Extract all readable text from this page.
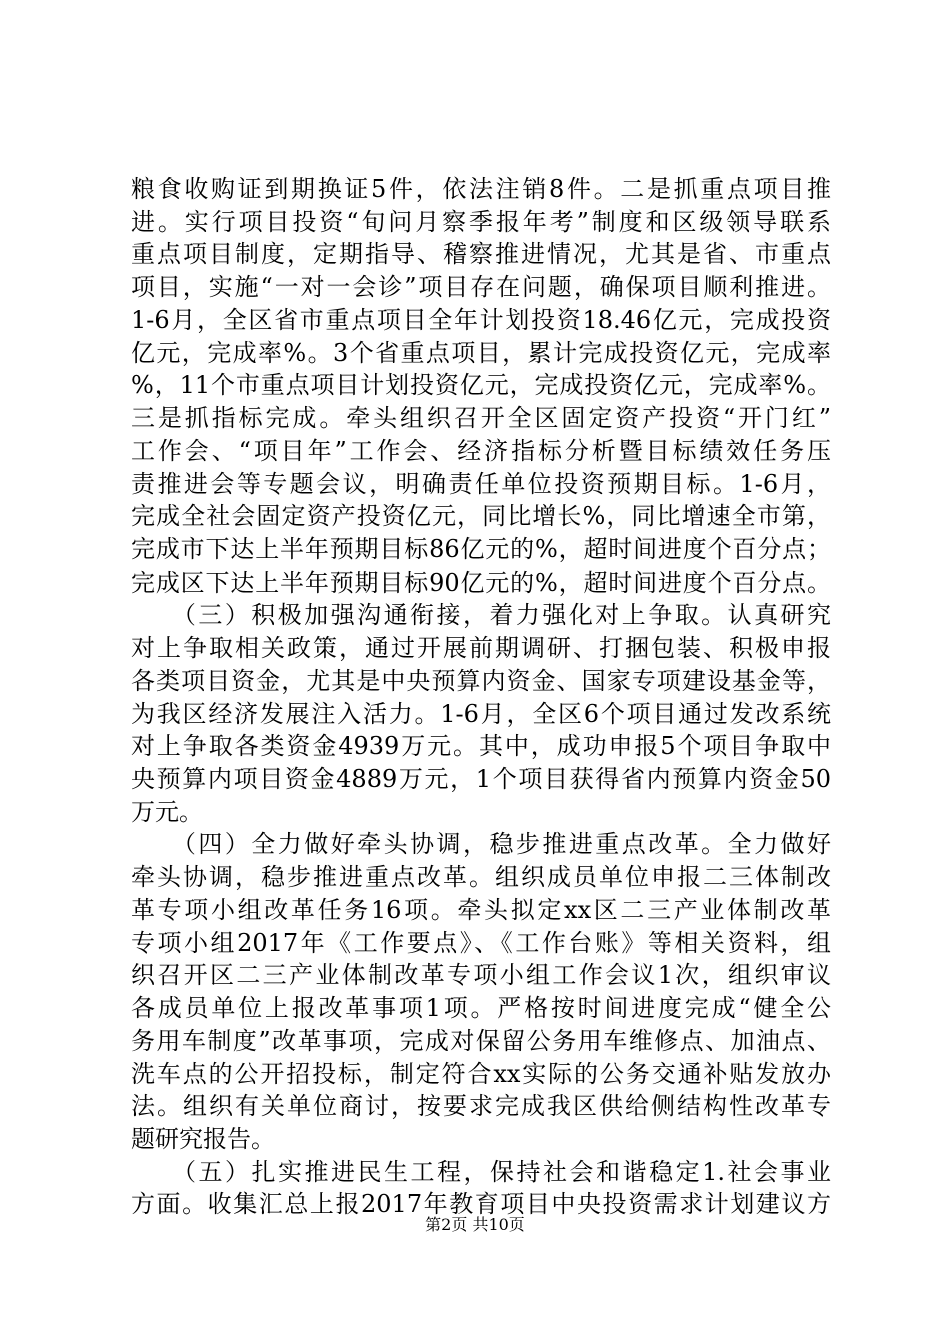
粮食收购证到期换证5件，依法注销8件。二是抓重点项目推
进。实行项目投资“旬问月察季报年考”制度和区级领导联系
重点项目制度，定期指导、稽察推进情况，尤其是省、市重点
项目，实施“一对一会诊”项目存在问题，确保项目顺利推进。
1-6月，全区省市重点项目全年计划投资18.46亿元，完成投资
亿元，完成率%。3个省重点项目，累计完成投资亿元，完成率
%，11个市重点项目计划投资亿元，完成投资亿元，完成率%。
三是抓指标完成。牵头组织召开全区固定资产投资“开门红”
工作会、“项目年”工作会、经济指标分析暨目标绩效任务压
责推进会等专题会议，明确责任单位投资预期目标。1-6月，
完成全社会固定资产投资亿元，同比增长%，同比增速全市第，
完成市下达上半年预期目标86亿元的%，超时间进度个百分点；
完成区下达上半年预期目标90亿元的%，超时间进度个百分点。
　　（三）积极加强沟通衔接，着力强化对上争取。认真研究
对上争取相关政策，通过开展前期调研、打捆包装、积极申报
各类项目资金，尤其是中央预算内资金、国家专项建设基金等，
为我区经济发展注入活力。1-6月，全区6个项目通过发改系统
对上争取各类资金4939万元。其中，成功申报5个项目争取中
央预算内项目资金4889万元，1个项目获得省内预算内资金50
万元。
　　（四）全力做好牵头协调，稳步推进重点改革。全力做好
牵头协调，稳步推进重点改革。组织成员单位申报二三体制改
革专项小组改革任务16项。牵头拟定xx区二三产业体制改革
专项小组2017年《工作要点》、《工作台账》等相关资料，组
织召开区二三产业体制改革专项小组工作会议1次，组织审议
各成员单位上报改革事项1项。严格按时间进度完成“健全公
务用车制度”改革事项，完成对保留公务用车维修点、加油点、
洗车点的公开招投标，制定符合xx实际的公务交通补贴发放办
法。组织有关单位商讨，按要求完成我区供给侧结构性改革专
题研究报告。
　　（五）扎实推进民生工程，保持社会和谐稳定1.社会事业
方面。收集汇总上报2017年教育项目中央投资需求计划建议方
第2页 共10页
